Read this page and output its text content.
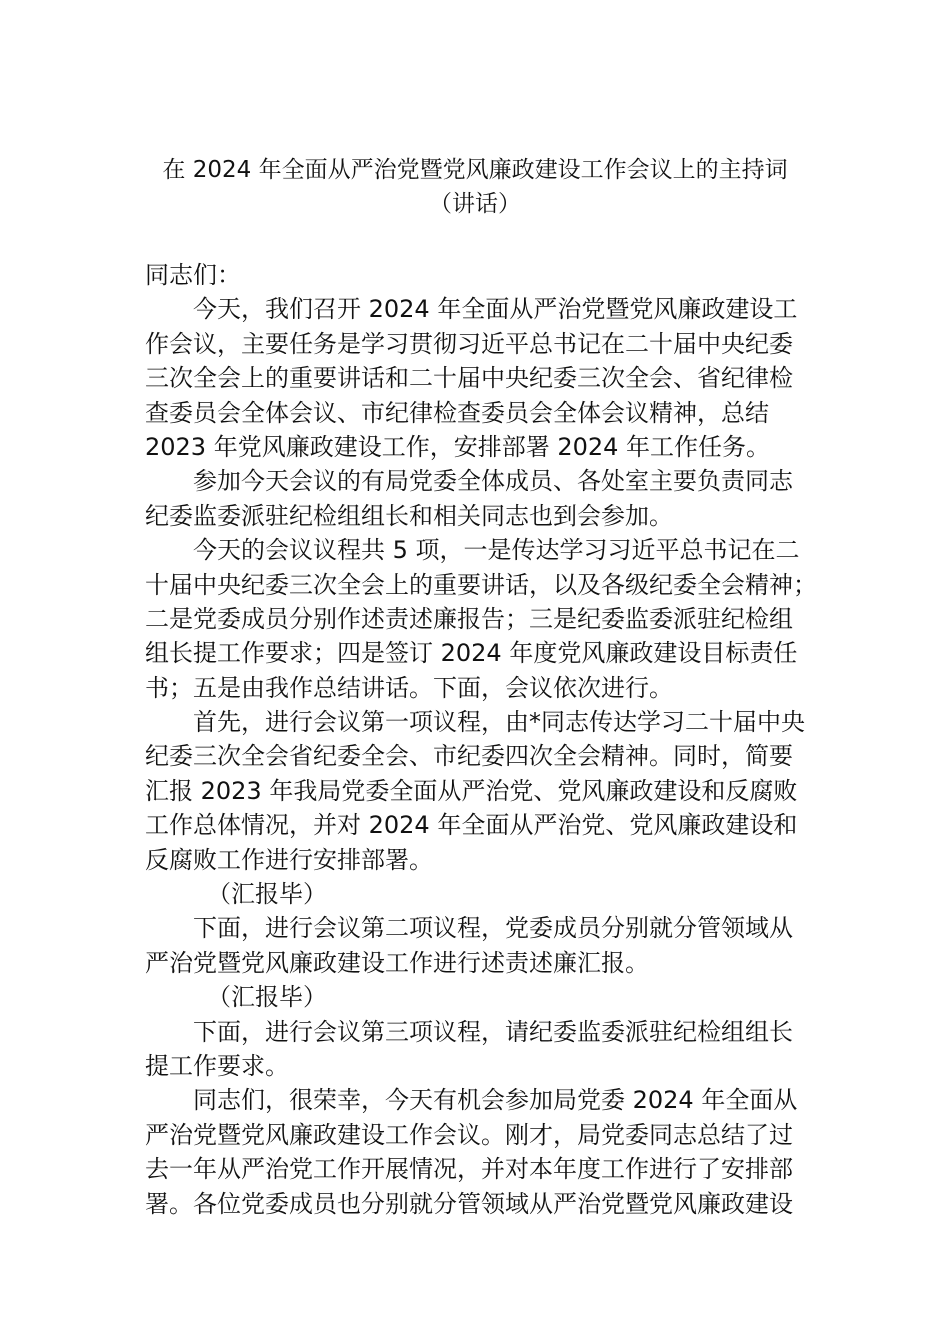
在 2024 年全面从严治党暨党风廉政建设工作会议上的主持词
（讲话）
同志们：
今天，我们召开 2024 年全面从严治党暨党风廉政建设工
作会议，主要任务是学习贯彻习近平总书记在二十届中央纪委
三次全会上的重要讲话和二十届中央纪委三次全会、省纪律检
查委员会全体会议、市纪律检查委员会全体会议精神，总结
2023 年党风廉政建设工作，安排部署 2024 年工作任务。
参加今天会议的有局党委全体成员、各处室主要负责同志
纪委监委派驻纪检组组长和相关同志也到会参加。
今天的会议议程共 5 项，一是传达学习习近平总书记在二
十届中央纪委三次全会上的重要讲话，以及各级纪委全会精神；
二是党委成员分别作述责述廉报告；三是纪委监委派驻纪检组
组长提工作要求；四是签订 2024 年度党风廉政建设目标责任
书；五是由我作总结讲话。下面，会议依次进行。
首先，进行会议第一项议程，由*同志传达学习二十届中央
纪委三次全会省纪委全会、市纪委四次全会精神。同时，简要
汇报 2023 年我局党委全面从严治党、党风廉政建设和反腐败
工作总体情况，并对 2024 年全面从严治党、党风廉政建设和
反腐败工作进行安排部署。
（汇报毕）
下面，进行会议第二项议程，党委成员分别就分管领域从
严治党暨党风廉政建设工作进行述责述廉汇报。
（汇报毕）
下面，进行会议第三项议程，请纪委监委派驻纪检组组长
提工作要求。
同志们，很荣幸，今天有机会参加局党委 2024 年全面从
严治党暨党风廉政建设工作会议。刚才，局党委同志总结了过
去一年从严治党工作开展情况，并对本年度工作进行了安排部
署。各位党委成员也分别就分管领域从严治党暨党风廉政建设
